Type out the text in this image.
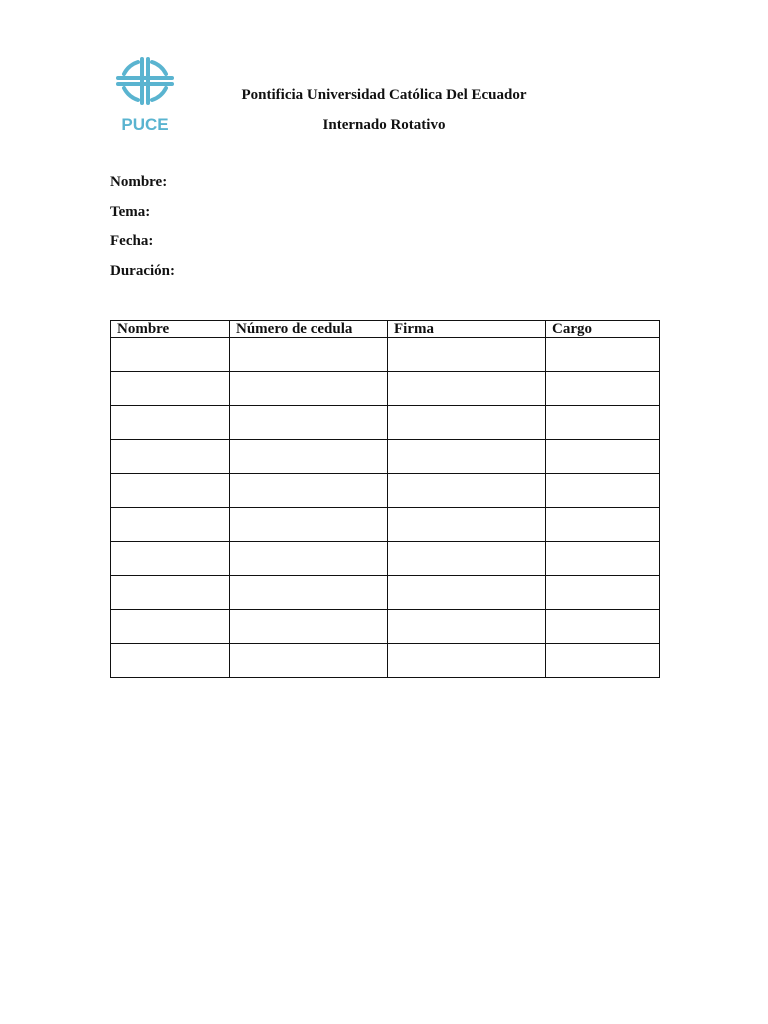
PUCE
Pontificia Universidad Católica Del Ecuador
Internado Rotativo
Nombre:
Tema:
Fecha:
Duración:
Nombre	Número de cedula	Firma	Cargo
